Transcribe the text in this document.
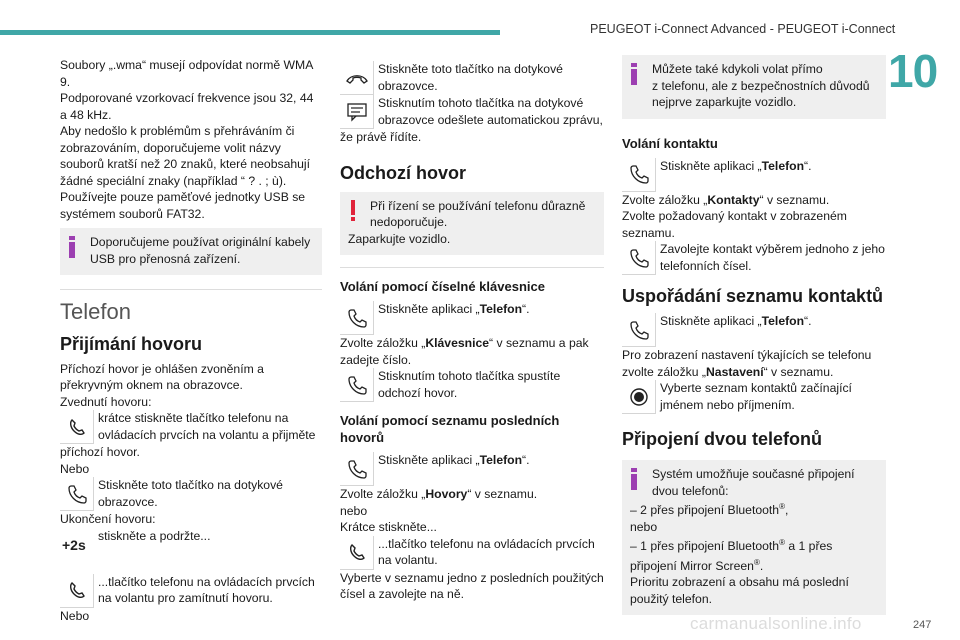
PEUGEOT i-Connect Advanced - PEUGEOT i-Connect
10

Soubory „.wma“ musejí odpovídat normě WMA 9.

Podporované vzorkovací frekvence jsou 32, 44 a 48 kHz.

Aby nedošlo k problémům s přehráváním či zobrazováním, doporučujeme volit názvy souborů kratší než 20 znaků, které neobsahují žádné speciální znaky (například “ ? . ; ù).

Používejte pouze paměťové jednotky USB se systémem souborů FAT32.

Doporučujeme používat originální kabely USB pro přenosná zařízení.
Telefon
Přijímání hovoru

Příchozí hovor je ohlášen zvoněním a překryvným oknem na obrazovce.

Zvednutí hovoru:

krátce stiskněte tlačítko telefonu na ovládacích prvcích na volantu a přijměte

příchozí hovor.

Nebo

Stiskněte toto tlačítko na dotykové obrazovce.

Ukončení hovoru:

+2s
stiskněte a podržte...
...tlačítko telefonu na ovládacích prvcích na volantu pro zamítnutí hovoru.

Nebo

Stiskněte toto tlačítko na dotykové obrazovce.
Stisknutím tohoto tlačítka na dotykové obrazovce odešlete automatickou zprávu,

že právě řídíte.

Odchozí hovor
Při řízení se používání telefonu důrazně nedoporučuje.
Zaparkujte vozidlo.
Volání pomocí číselné klávesnice
Stiskněte aplikaci „Telefon“.

Zvolte záložku „Klávesnice“ v seznamu a pak zadejte číslo.

Stisknutím tohoto tlačítka spustíte odchozí hovor.
Volání pomocí seznamu posledních hovorů
Stiskněte aplikaci „Telefon“.

Zvolte záložku „Hovory“ v seznamu.

nebo

Krátce stiskněte...

...tlačítko telefonu na ovládacích prvcích na volantu.

Vyberte v seznamu jedno z posledních použitých čísel a zavolejte na ně.

Můžete také kdykoli volat přímo
z telefonu, ale z bezpečnostních důvodů nejprve zaparkujte vozidlo.
Volání kontaktu
Stiskněte aplikaci „Telefon“.

Zvolte záložku „Kontakty“ v seznamu.

Zvolte požadovaný kontakt v zobrazeném seznamu.

Zavolejte kontakt výběrem jednoho z jeho telefonních čísel.
Uspořádání seznamu kontaktů
Stiskněte aplikaci „Telefon“.

Pro zobrazení nastavení týkajících se telefonu zvolte záložku „Nastavení“ v seznamu.

Vyberte seznam kontaktů začínající jménem nebo příjmením.
Připojení dvou telefonů
Systém umožňuje současné připojení dvou telefonů:
– 2 přes připojení Bluetooth®,
nebo
– 1 přes připojení Bluetooth® a 1 přes připojení Mirror Screen®.
Prioritu zobrazení a obsahu má poslední použitý telefon.
carmanualsonline.info	247
